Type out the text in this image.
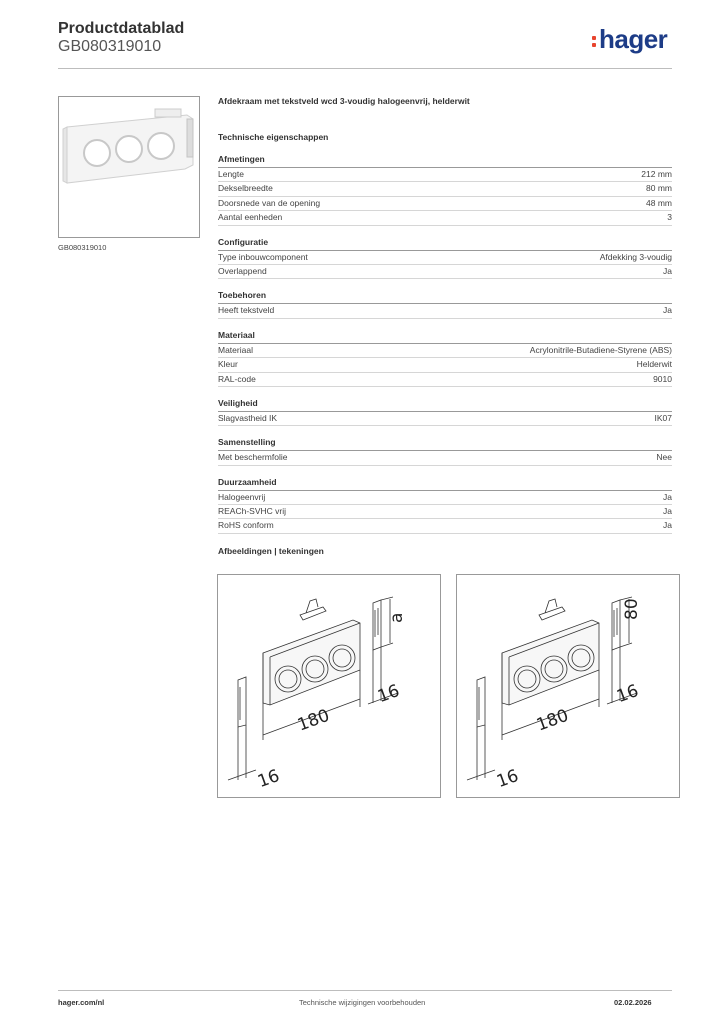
Productdatablad
GB080319010	hager
GB080319010
Afdekraam met tekstveld wcd 3-voudig halogeenvrij, helderwit
Technische eigenschappen
Afmetingen
Lengte	212 mm
Dekselbreedte	80 mm
Doorsnede van de opening	48 mm
Aantal eenheden	3
Configuratie
Type inbouwcomponent	Afdekking 3-voudig
Overlappend	Ja
Toebehoren
Heeft tekstveld	Ja
Materiaal
Materiaal	Acrylonitrile-Butadiene-Styrene (ABS)
Kleur	Helderwit
RAL-code	9010
Veiligheid
Slagvastheid IK	IK07
Samenstelling
Met beschermfolie	Nee
Duurzaamheid
Halogeenvrij	Ja
REACh-SVHC vrij	Ja
RoHS conform	Ja
Afbeeldingen | tekeningen
a
180
16
16
80
180
16
16
hager.com/nl	Technische wijzigingen voorbehouden	02.02.2026
